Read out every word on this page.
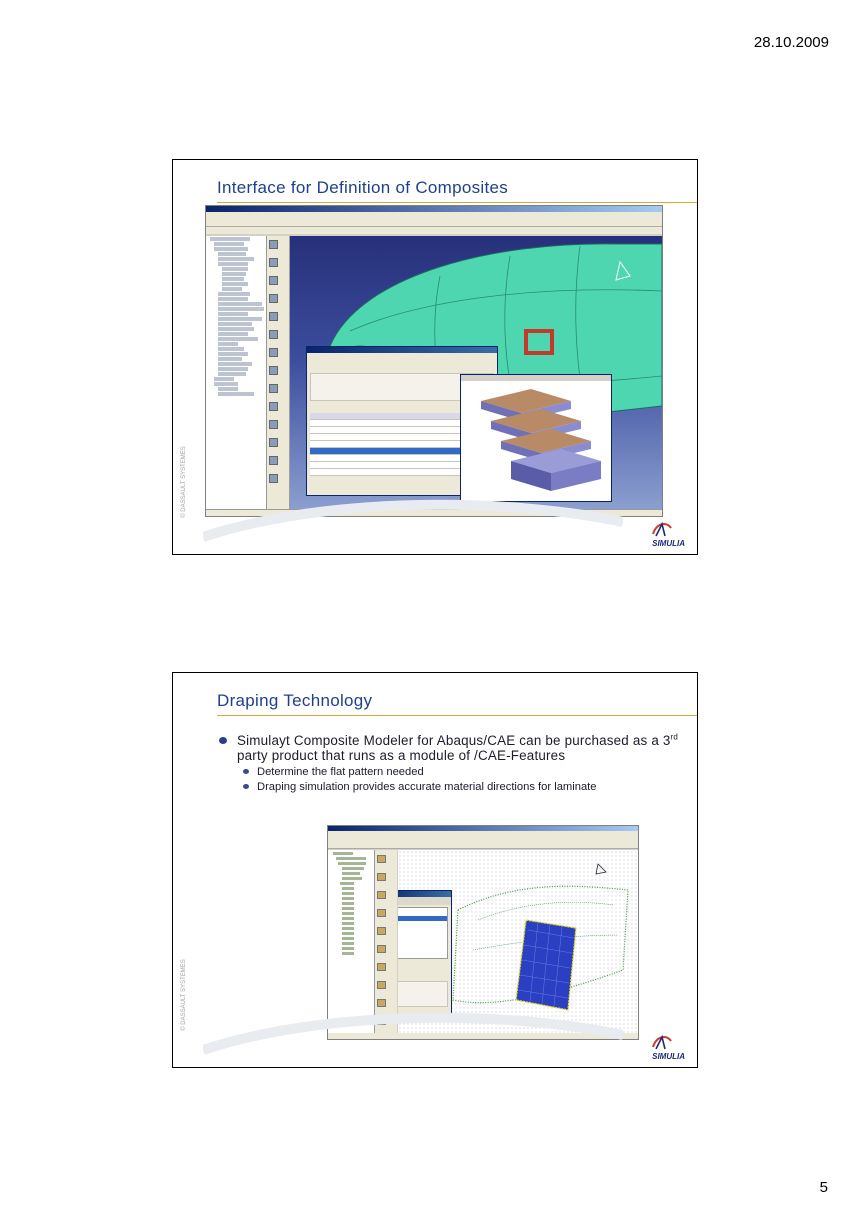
28.10.2009
Interface for Definition of Composites
© DASSAULT SYSTEMES
SIMULIA
Draping Technology
Simulayt Composite Modeler for Abaqus/CAE can be purchased as a 3rd party product that runs as a module of /CAE-Features
Determine the flat pattern needed
Draping simulation provides accurate material directions for laminate
© DASSAULT SYSTEMES
SIMULIA
5
